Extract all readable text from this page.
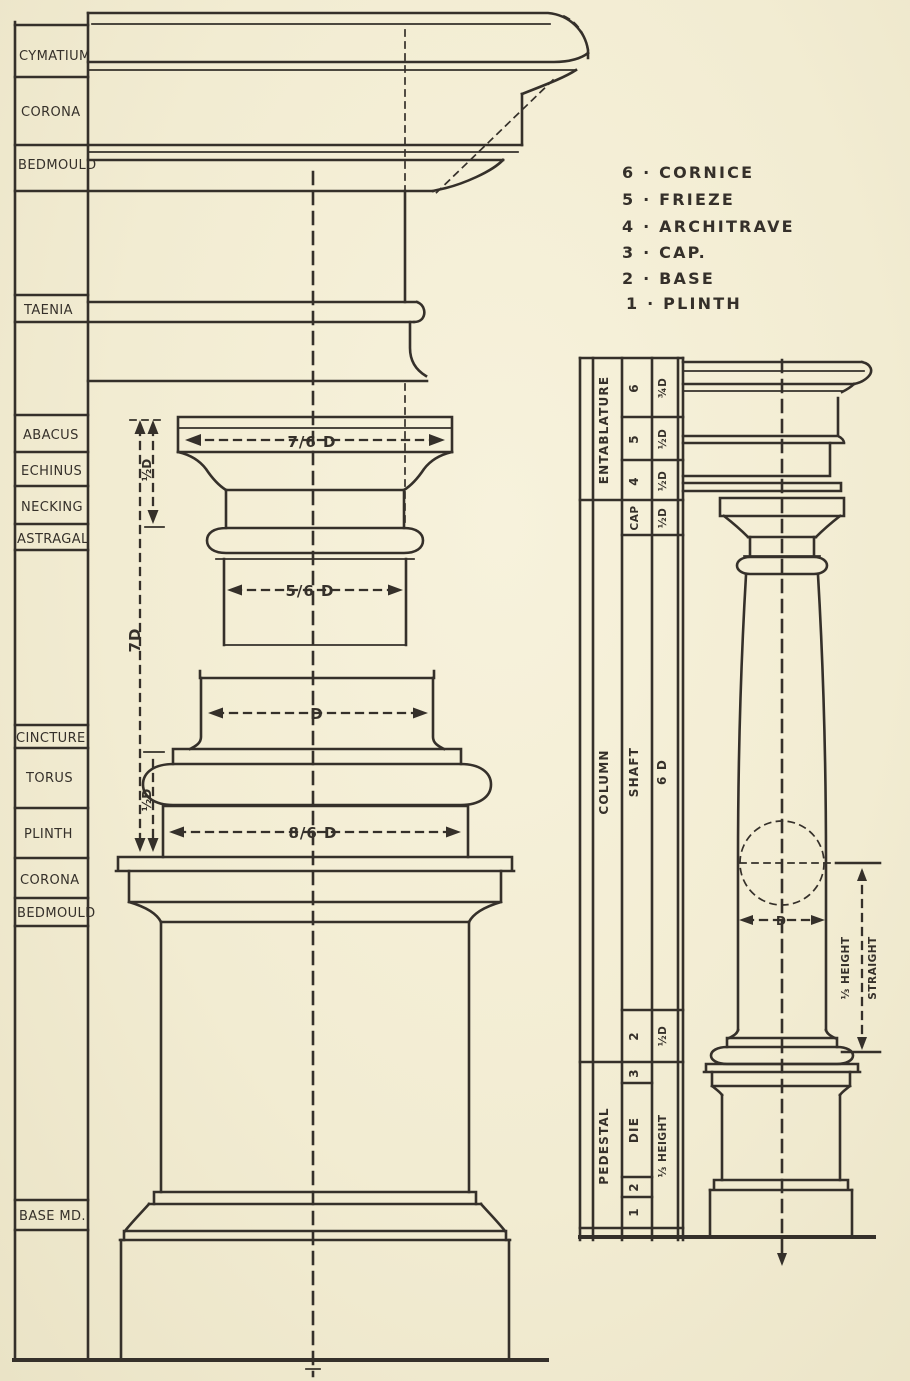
CYMATIUM
CORONA
BEDMOULD
TAENIA
ABACUS
ECHINUS
NECKING
ASTRAGAL
CINCTURE
TORUS
PLINTH
CORONA
BEDMOULD
BASE MD.
7/6 D
½D
5/6 D
7D
D
½D
8/6 D
6 · CORNICE
5 · FRIEZE
4 · ARCHITRAVE
3 · CAP.
2 · BASE
1 · PLINTH
ENTABLATURE
COLUMN
PEDESTAL
6
5
4
CAP
SHAFT
2
3
DIE
2
1
¾D
½D
½D
½D
6 D
½D
⅓ HEIGHT
D
⅓ HEIGHT STRAIGHT
